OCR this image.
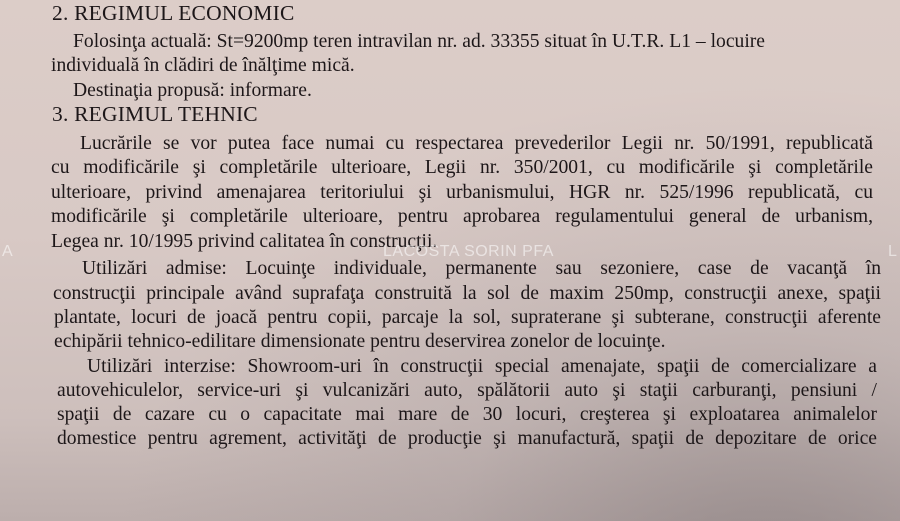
2. REGIMUL ECONOMIC
Folosinţa actuală: St=9200mp teren intravilan nr. ad. 33355 situat în U.T.R. L1 – locuire
individuală în clădiri de înălţime mică.
Destinaţia propusă: informare.
3. REGIMUL TEHNIC
Lucrările se vor putea face numai cu respectarea prevederilor Legii nr. 50/1991, republicată
cu modificările şi completările ulterioare, Legii nr. 350/2001, cu modificările şi completările
ulterioare, privind amenajarea teritoriului şi urbanismului, HGR nr. 525/1996 republicată, cu
modificările şi completările ulterioare, pentru aprobarea regulamentului general de urbanism,
Legea nr. 10/1995 privind calitatea în construcţii.
Utilizări admise: Locuinţe individuale, permanente sau sezoniere, case de vacanţă în
construcţii principale având suprafaţa construită la sol de maxim 250mp, construcţii anexe, spaţii
plantate, locuri de joacă pentru copii, parcaje la sol, supraterane şi subterane, construcţii aferente
echipării tehnico-edilitare dimensionate pentru deservirea zonelor de locuinţe.
Utilizări interzise: Showroom-uri în construcţii special amenajate, spaţii de comercializare a
autovehiculelor, service-uri şi vulcanizări auto, spălătorii auto şi staţii carburanţi, pensiuni /
spaţii de cazare cu o capacitate mai mare de 30 locuri, creşterea şi exploatarea animalelor
domestice pentru agrement, activităţi de producţie şi manufactură, spaţii de depozitare de orice
A	LACOSTA SORIN PFA	L
